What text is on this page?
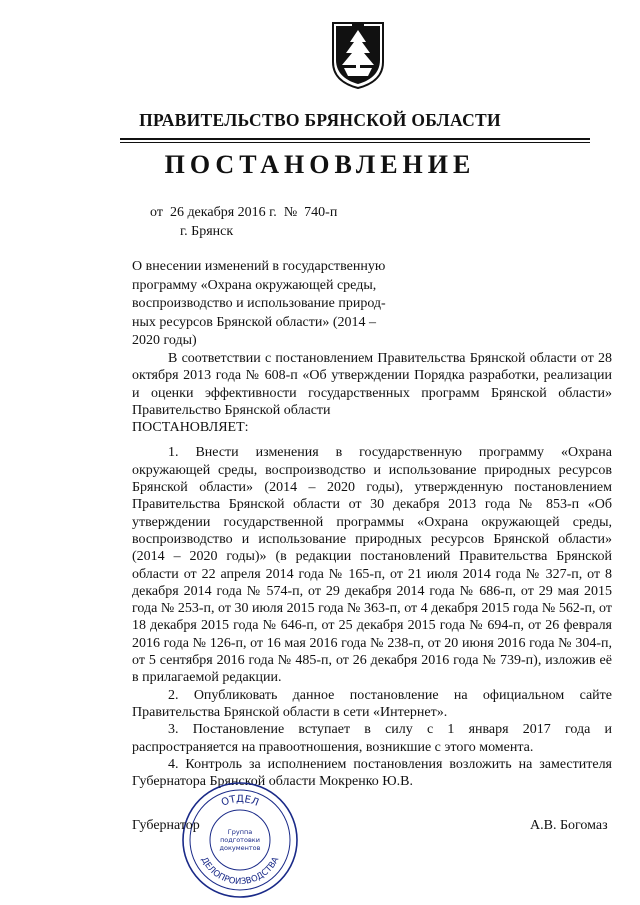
ПРАВИТЕЛЬСТВО БРЯНСКОЙ ОБЛАСТИ
ПОСТАНОВЛЕНИЕ
от 26 декабря 2016 г. № 740-п
г. Брянск
О внесении изменений в государственную
программу «Охрана окружающей среды,
воспроизводство и использование природ-
ных ресурсов Брянской области» (2014 –
2020 годы)

В соответствии с постановлением Правительства Брянской области от 28 октября 2013 года № 608-п «Об утверждении Порядка разработки, реализации и оценки эффективности государственных программ Брянской области» Правительство Брянской области

ПОСТАНОВЛЯЕТ:

1. Внести изменения в государственную программу «Охрана окружающей среды, воспроизводство и использование природных ресурсов Брянской области» (2014 – 2020 годы), утвержденную постановлением Правительства Брянской области от 30 декабря 2013 года № 853-п «Об утверждении государственной программы «Охрана окружающей среды, воспроизводство и использование природных ресурсов Брянской области» (2014 – 2020 годы)» (в редакции постановлений Правительства Брянской области от 22 апреля 2014 года № 165-п, от 21 июля 2014 года № 327-п, от 8 декабря 2014 года № 574-п, от 29 декабря 2014 года № 686-п, от 29 мая 2015 года № 253-п, от 30 июля 2015 года № 363-п, от 4 декабря 2015 года № 562-п, от 18 декабря 2015 года № 646-п, от 25 декабря 2015 года № 694-п, от 26 февраля 2016 года № 126-п, от 16 мая 2016 года № 238-п, от 20 июня 2016 года № 304-п, от 5 сентября 2016 года № 485-п, от 26 декабря 2016 года № 739-п), изложив её в прилагаемой редакции.

2. Опубликовать данное постановление на официальном сайте Правительства Брянской области в сети «Интернет».

3. Постановление вступает в силу с 1 января 2017 года и распространяется на правоотношения, возникшие с этого момента.

4. Контроль за исполнением постановления возложить на заместителя Губернатора Брянской области Мокренко Ю.В.

ОТДЕЛ
ДЕЛОПРОИЗВОДСТВА
Группа
подготовки
документов
Губернатор	А.В. Богомаз
